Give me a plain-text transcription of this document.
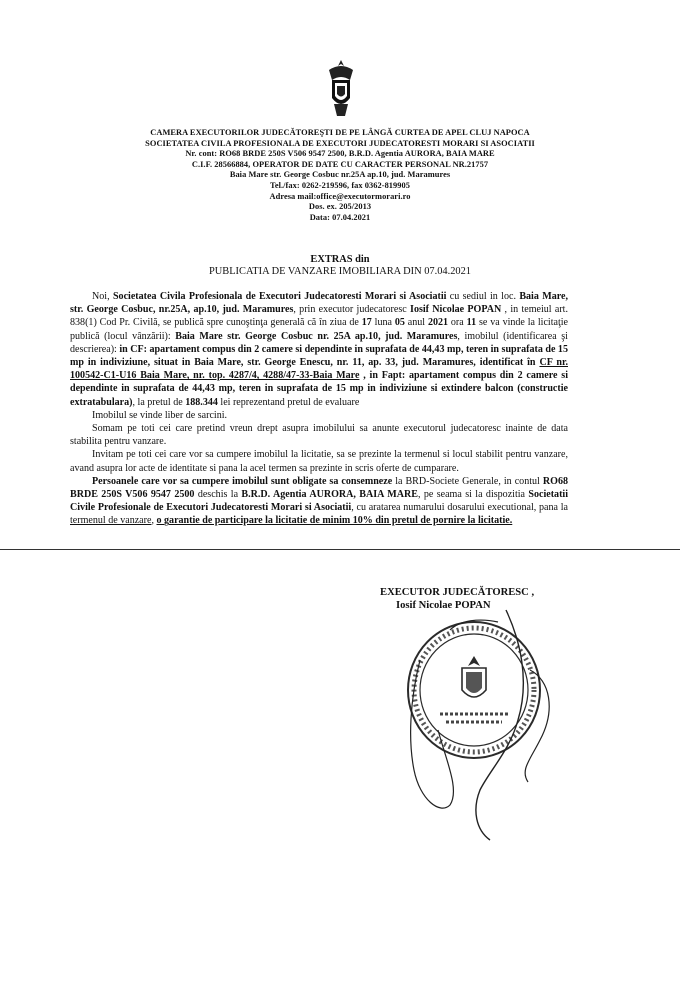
CAMERA EXECUTORILOR JUDECĂTOREŞTI DE PE LÂNGĂ CURTEA DE APEL CLUJ NAPOCA
SOCIETATEA CIVILA PROFESIONALA DE EXECUTORI JUDECATORESTI MORARI SI ASOCIATII
Nr. cont: RO68 BRDE 250S V506 9547 2500, B.R.D. Agentia AURORA, BAIA MARE
C.I.F. 28566884, OPERATOR DE DATE CU CARACTER PERSONAL NR.21757
Baia Mare str. George Cosbuc nr.25A ap.10, jud. Maramures
Tel./fax: 0262-219596, fax 0362-819905
Adresa mail:office@executormorari.ro
Dos. ex. 205/2013
Data: 07.04.2021
EXTRAS din
PUBLICATIA DE VANZARE IMOBILIARA DIN 07.04.2021

Noi, Societatea Civila Profesionala de Executori Judecatoresti Morari si Asociatii cu sediul in loc. Baia Mare, str. George Cosbuc, nr.25A, ap.10, jud. Maramures, prin executor judecatoresc Iosif Nicolae POPAN , in temeiul art. 838(1) Cod Pr. Civilă, se publică spre cunoştinţa generală că în ziua de 17 luna 05 anul 2021 ora 11 se va vinde la licitaţie publică (locul vânzării): Baia Mare str. George Cosbuc nr. 25A ap.10, jud. Maramures, imobilul (identificarea şi descrierea): in CF: apartament compus din 2 camere si dependinte in suprafata de 44,43 mp, teren in suprafata de 15 mp in indiviziune, situat in Baia Mare, str. George Enescu, nr. 11, ap. 33, jud. Maramures, identificat în CF nr. 100542-C1-U16 Baia Mare, nr. top. 4287/4, 4288/47-33-Baia Mare , in Fapt: apartament compus din 2 camere si dependinte in suprafata de 44,43 mp, teren in suprafata de 15 mp in indiviziune si extindere balcon (constructie extratabulara), la pretul de 188.344 lei reprezentand pretul de evaluare

Imobilul se vinde liber de sarcini.

Somam pe toti cei care pretind vreun drept asupra imobilului sa anunte executorul judecatoresc inainte de data stabilita pentru vanzare.

Invitam pe toti cei care vor sa cumpere imobilul la licitatie, sa se prezinte la termenul si locul stabilit pentru vanzare, avand asupra lor acte de identitate si pana la acel termen sa prezinte in scris oferte de cumparare.

Persoanele care vor sa cumpere imobilul sunt obligate sa consemneze la BRD-Societe Generale, in contul RO68 BRDE 250S V506 9547 2500 deschis la B.R.D. Agentia AURORA, BAIA MARE, pe seama si la dispozitia Societatii Civile Profesionale de Executori Judecatoresti Morari si Asociatii, cu aratarea numarului dosarului executional, pana la termenul de vanzare, o garantie de participare la licitatie de minim 10% din pretul de pornire la licitatie.

EXECUTOR JUDECĂTORESC ,
Iosif Nicolae POPAN
